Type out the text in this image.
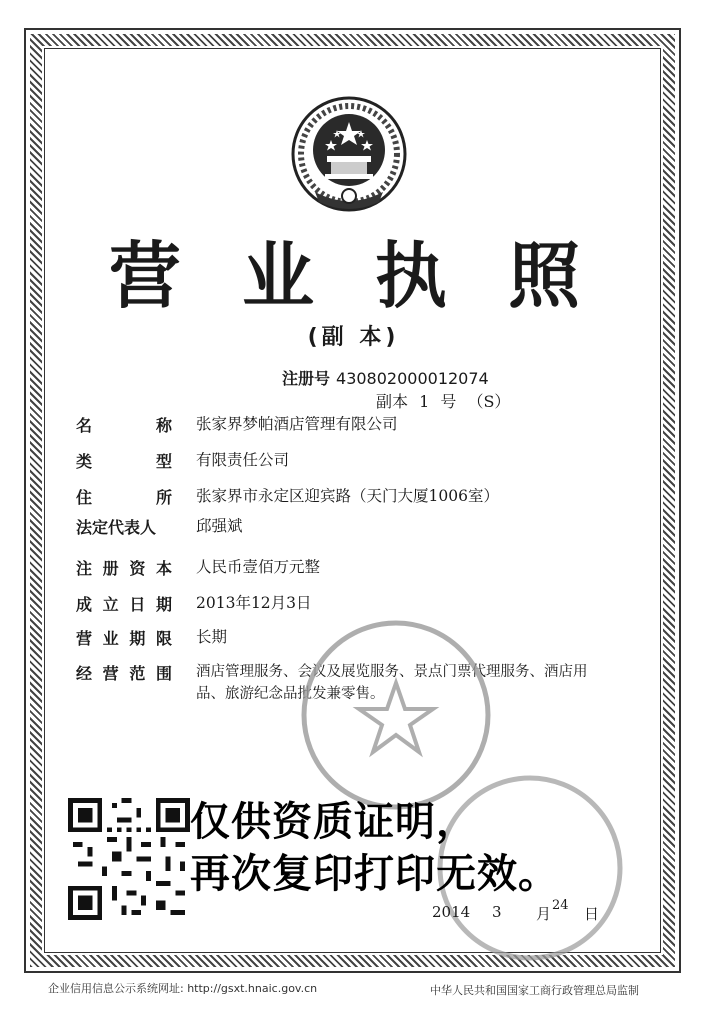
营 业 执 照
(副 本)
注册号 430802000012074
副本 1 号 （S）
名	称 张家界梦帕酒店管理有限公司
类	型 有限责任公司
住	所 张家界市永定区迎宾路（天门大厦1006室）
法定代表人	邱强斌
注 册 资 本 人民币壹佰万元整
成 立 日 期 2013年12月3日
营 业 期 限 长期
经 营 范 围 酒店管理服务、会议及展览服务、景点门票代理服务、酒店用品、旅游纪念品批发兼零售。
仅供资质证明，
再次复印打印无效。
2014 3 月 24 日
企业信用信息公示系统网址: http://gsxt.hnaic.gov.cn	中华人民共和国国家工商行政管理总局监制
